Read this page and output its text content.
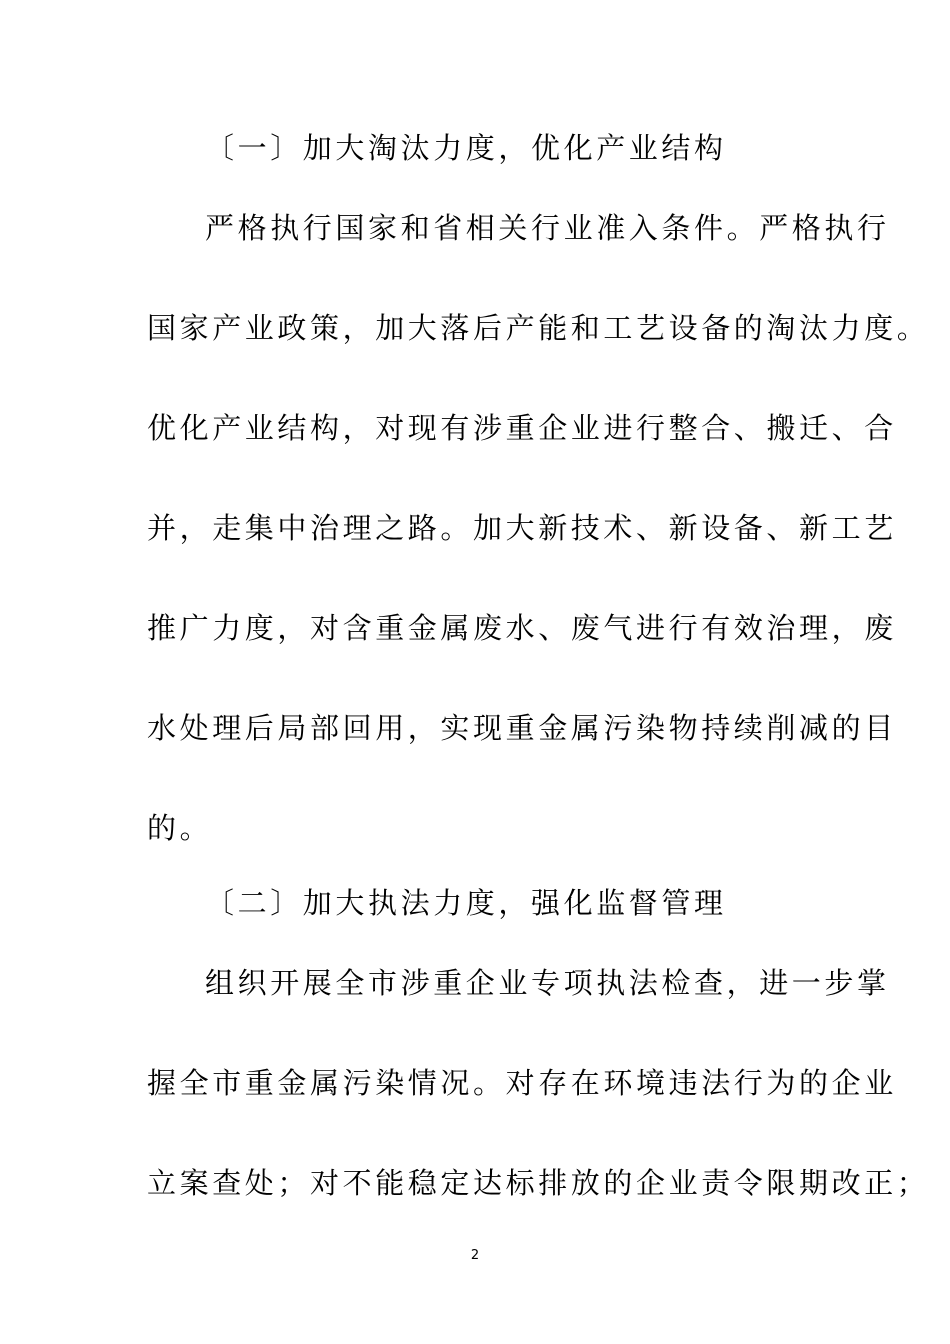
〔一〕加大淘汰力度，优化产业结构

严格执行国家和省相关行业准入条件。严格执行

国家产业政策，加大落后产能和工艺设备的淘汰力度。

优化产业结构，对现有涉重企业进行整合、搬迁、合

并，走集中治理之路。加大新技术、新设备、新工艺

推广力度，对含重金属废水、废气进行有效治理，废

水处理后局部回用，实现重金属污染物持续削减的目

的。

〔二〕加大执法力度，强化监督管理

组织开展全市涉重企业专项执法检查，进一步掌

握全市重金属污染情况。对存在环境违法行为的企业

立案查处；对不能稳定达标排放的企业责令限期改正；

2
